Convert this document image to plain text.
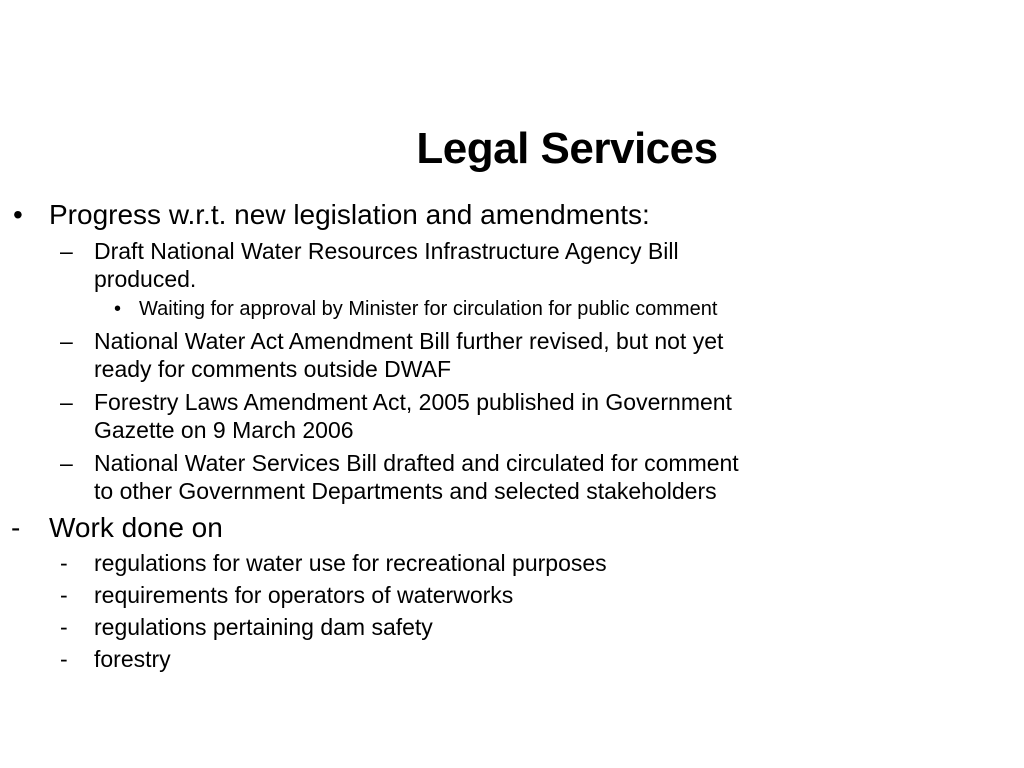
Legal Services
• Progress w.r.t. new legislation and amendments:
– Draft National Water Resources Infrastructure Agency Bill
produced.
• Waiting for approval by Minister for circulation for public comment
– National Water Act Amendment Bill further revised, but not yet
ready for comments outside DWAF
– Forestry Laws Amendment Act, 2005 published in Government
Gazette on 9 March 2006
– National Water Services Bill drafted and circulated for comment
to other Government Departments and selected stakeholders
- Work done on
- regulations for water use for recreational purposes
- requirements for operators of waterworks
- regulations pertaining dam safety
- forestry
